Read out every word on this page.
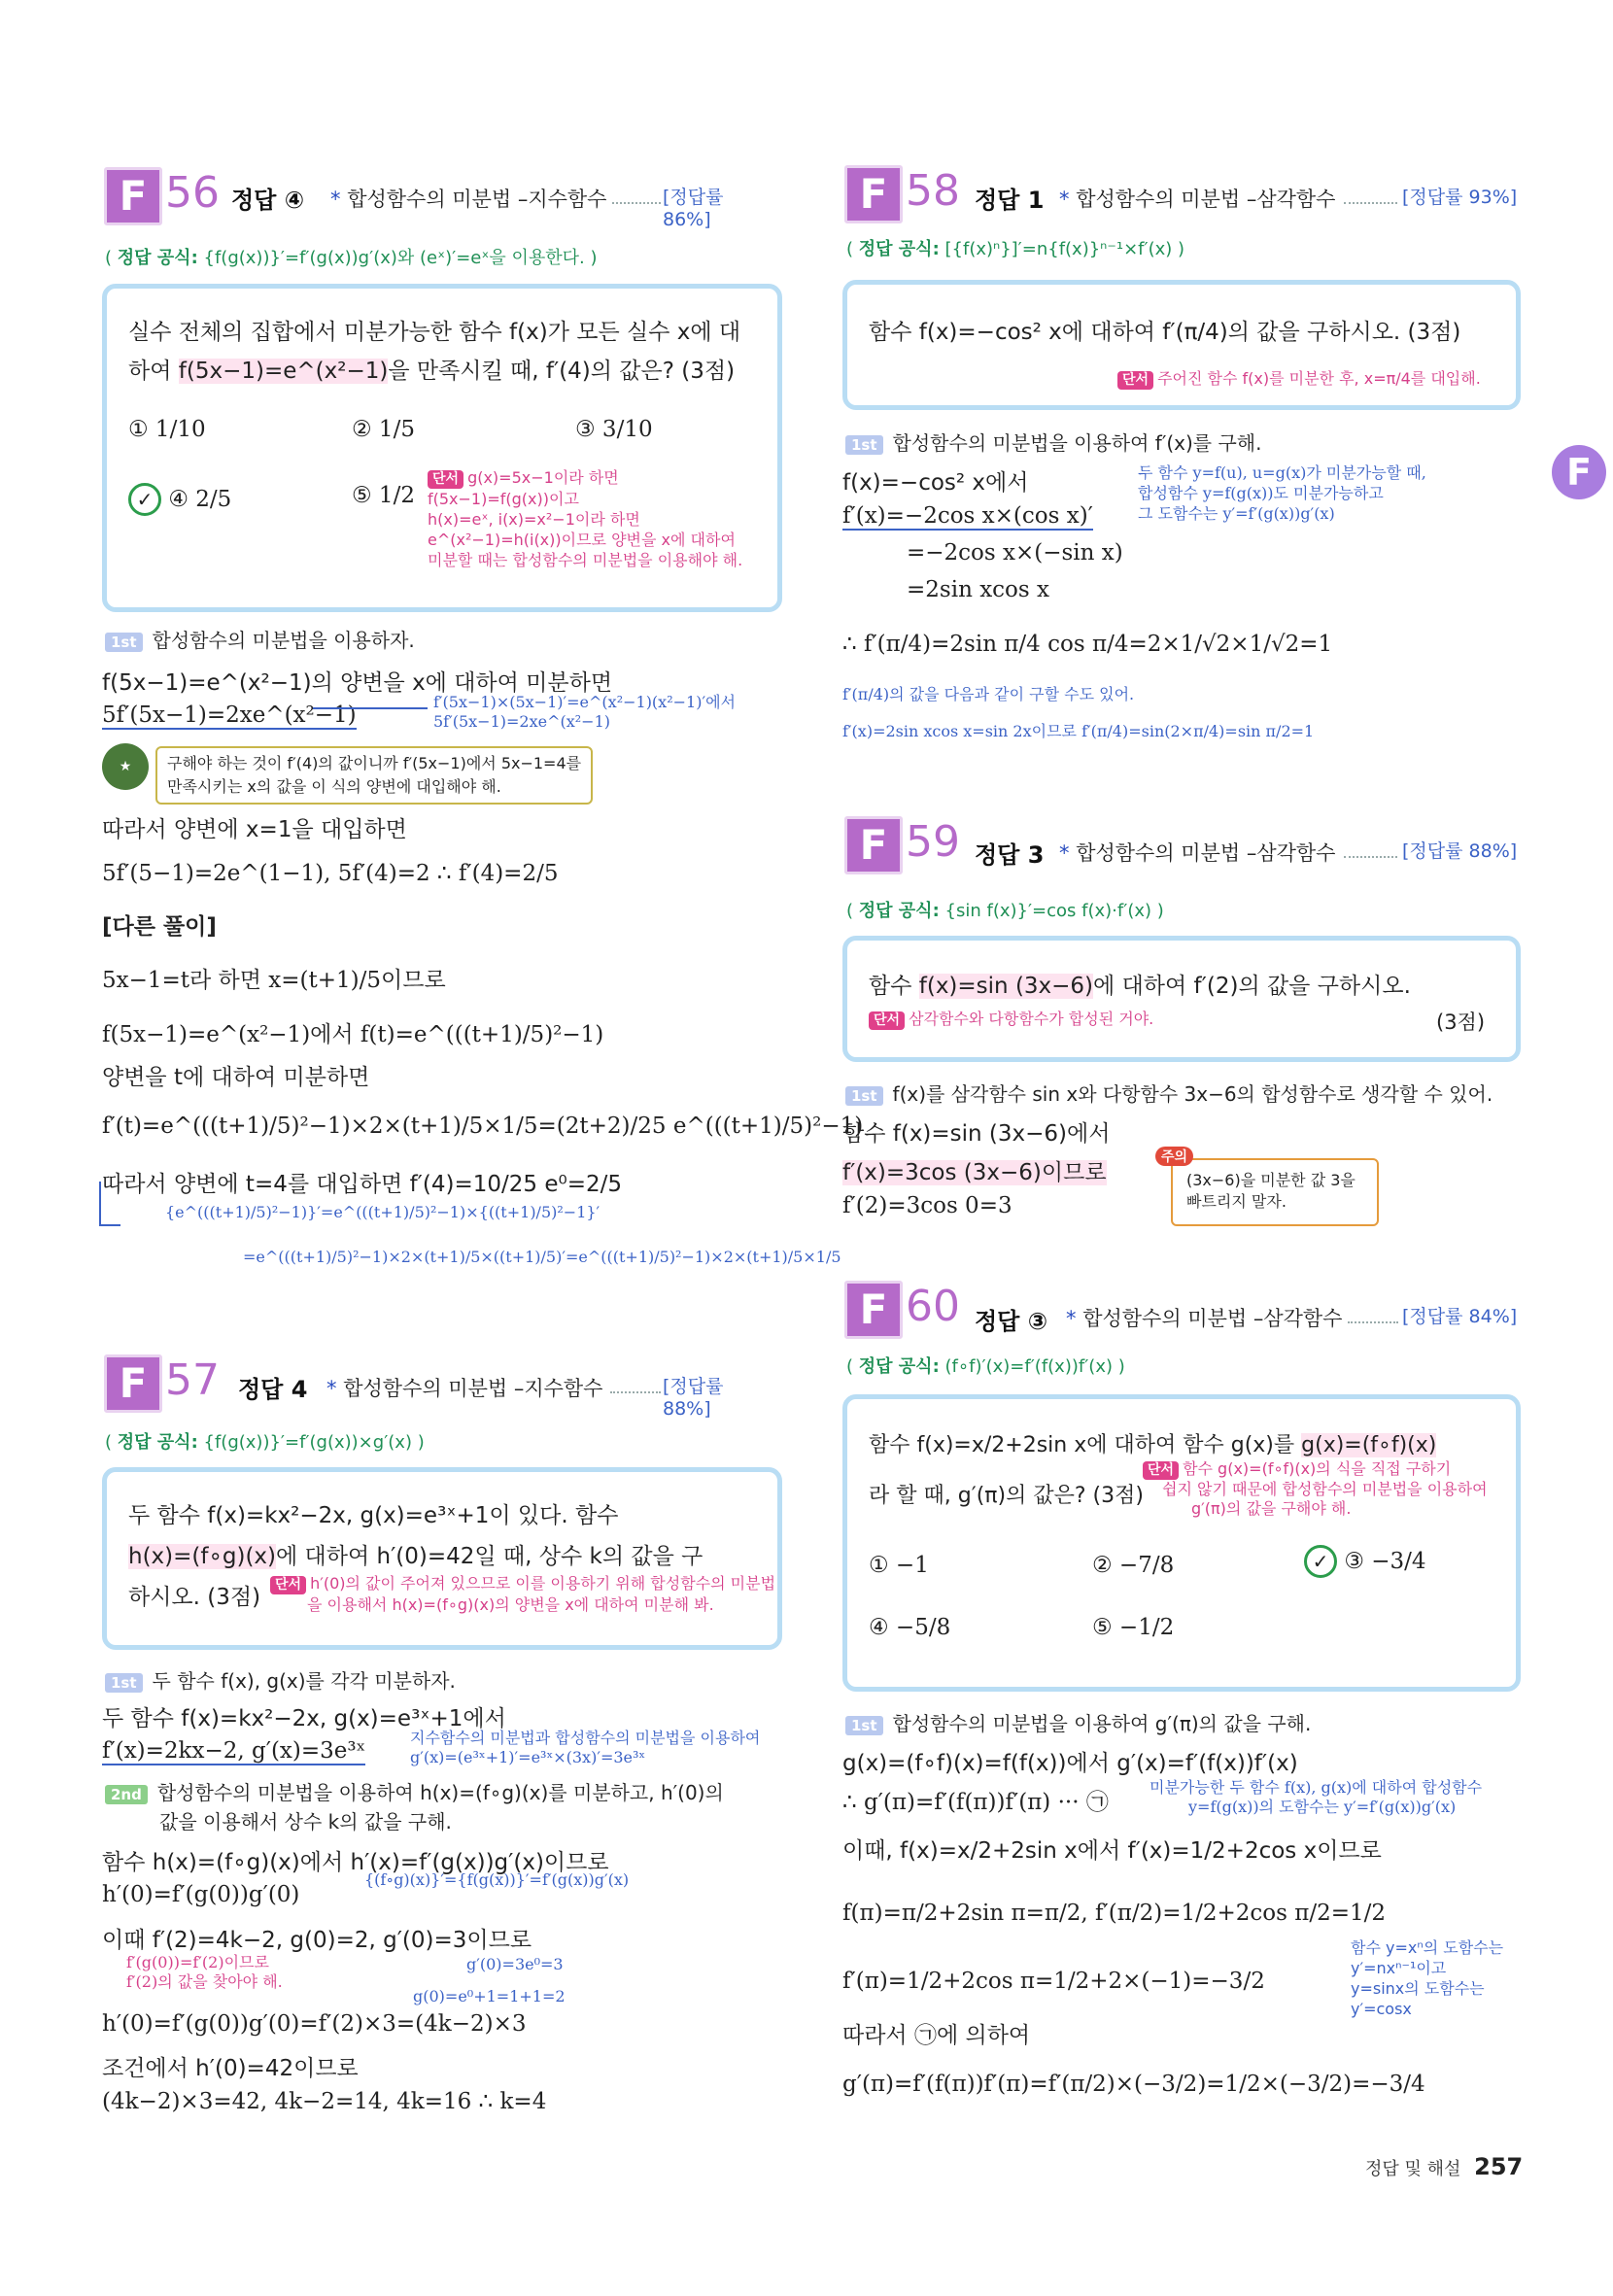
F 56 정답 ④ * 합성함수의 미분법 –지수함수	[정답률 86%]
( 정답 공식: {f(g(x))}′=f′(g(x))g′(x)와 (eˣ)′=eˣ을 이용한다. )
실수 전체의 집합에서 미분가능한 함수 f(x)가 모든 실수 x에 대
하여 f(5x−1)=e^(x²−1)을 만족시킬 때, f′(4)의 값은? (3점)
① 1/10	② 1/5	③ 3/10
✓ ④ 2/5	⑤ 1/2
단서 g(x)=5x−1이라 하면
f(5x−1)=f(g(x))이고
h(x)=eˣ, i(x)=x²−1이라 하면
e^(x²−1)=h(i(x))이므로 양변을 x에 대하여
미분할 때는 합성함수의 미분법을 이용해야 해.
1st 합성함수의 미분법을 이용하자.
f(5x−1)=e^(x²−1)의 양변을 x에 대하여 미분하면
5f′(5x−1)=2xe^(x²−1)
f′(5x−1)×(5x−1)′=e^(x²−1)(x²−1)′에서
5f′(5x−1)=2xe^(x²−1)
★	구해야 하는 것이 f′(4)의 값이니까 f′(5x−1)에서 5x−1=4를
만족시키는 x의 값을 이 식의 양변에 대입해야 해.
따라서 양변에 x=1을 대입하면
5f′(5−1)=2e^(1−1), 5f′(4)=2 ∴ f′(4)=2/5
[다른 풀이]
5x−1=t라 하면 x=(t+1)/5이므로
f(5x−1)=e^(x²−1)에서 f(t)=e^(((t+1)/5)²−1)
양변을 t에 대하여 미분하면
f′(t)=e^(((t+1)/5)²−1)×2×(t+1)/5×1/5=(2t+2)/25 e^(((t+1)/5)²−1)
따라서 양변에 t=4를 대입하면 f′(4)=10/25 e⁰=2/5
{e^(((t+1)/5)²−1)}′=e^(((t+1)/5)²−1)×{((t+1)/5)²−1}′
=e^(((t+1)/5)²−1)×2×(t+1)/5×((t+1)/5)′=e^(((t+1)/5)²−1)×2×(t+1)/5×1/5
F 57 정답 4 * 합성함수의 미분법 –지수함수	[정답률 88%]
( 정답 공식: {f(g(x))}′=f′(g(x))×g′(x) )
두 함수 f(x)=kx²−2x, g(x)=e³ˣ+1이 있다. 함수
h(x)=(f∘g)(x)에 대하여 h′(0)=42일 때, 상수 k의 값을 구
하시오. (3점)	단서 h′(0)의 값이 주어져 있으므로 이를 이용하기 위해 합성함수의 미분법
을 이용해서 h(x)=(f∘g)(x)의 양변을 x에 대하여 미분해 봐.
1st 두 함수 f(x), g(x)를 각각 미분하자.
두 함수 f(x)=kx²−2x, g(x)=e³ˣ+1에서
f′(x)=2kx−2, g′(x)=3e³ˣ
지수함수의 미분법과 합성함수의 미분법을 이용하여
g′(x)=(e³ˣ+1)′=e³ˣ×(3x)′=3e³ˣ
2nd 합성함수의 미분법을 이용하여 h(x)=(f∘g)(x)를 미분하고, h′(0)의
값을 이용해서 상수 k의 값을 구해.
함수 h(x)=(f∘g)(x)에서 h′(x)=f′(g(x))g′(x)이므로
{(f∘g)(x)}′={f(g(x))}′=f′(g(x))g′(x)
h′(0)=f′(g(0))g′(0)
이때 f′(2)=4k−2, g(0)=2, g′(0)=3이므로
f′(g(0))=f′(2)이므로
f′(2)의 값을 찾아야 해.
g′(0)=3e⁰=3
g(0)=e⁰+1=1+1=2
h′(0)=f′(g(0))g′(0)=f′(2)×3=(4k−2)×3
조건에서 h′(0)=42이므로
(4k−2)×3=42, 4k−2=14, 4k=16 ∴ k=4
F 58 정답 1 * 합성함수의 미분법 –삼각함수	[정답률 93%]
( 정답 공식: [{f(x)ⁿ}]′=n{f(x)}ⁿ⁻¹×f′(x) )
함수 f(x)=−cos² x에 대하여 f′(π/4)의 값을 구하시오. (3점)
단서 주어진 함수 f(x)를 미분한 후, x=π/4를 대입해.
1st 합성함수의 미분법을 이용하여 f′(x)를 구해.
f(x)=−cos² x에서
f′(x)=−2cos x×(cos x)′
=−2cos x×(−sin x)
=2sin xcos x
두 함수 y=f(u), u=g(x)가 미분가능할 때,
합성함수 y=f(g(x))도 미분가능하고
그 도함수는 y′=f′(g(x))g′(x)
∴ f′(π/4)=2sin π/4 cos π/4=2×1/√2×1/√2=1
f′(π/4)의 값을 다음과 같이 구할 수도 있어.
f′(x)=2sin xcos x=sin 2x이므로 f′(π/4)=sin(2×π/4)=sin π/2=1
F 59 정답 3 * 합성함수의 미분법 –삼각함수	[정답률 88%]
( 정답 공식: {sin f(x)}′=cos f(x)·f′(x) )
함수 f(x)=sin (3x−6)에 대하여 f′(2)의 값을 구하시오.
단서 삼각함수와 다항함수가 합성된 거야.	(3점)
1st f(x)를 삼각함수 sin x와 다항함수 3x−6의 합성함수로 생각할 수 있어.
함수 f(x)=sin (3x−6)에서
f′(x)=3cos (3x−6)이므로
f′(2)=3cos 0=3
(3x−6)을 미분한 값 3을
빠트리지 말자.
주의
F 60 정답 ③ * 합성함수의 미분법 –삼각함수	[정답률 84%]
( 정답 공식: (f∘f)′(x)=f′(f(x))f′(x) )
함수 f(x)=x/2+2sin x에 대하여 함수 g(x)를 g(x)=(f∘f)(x)
라 할 때, g′(π)의 값은? (3점)
단서 함수 g(x)=(f∘f)(x)의 식을 직접 구하기
쉽지 않기 때문에 합성함수의 미분법을 이용하여
g′(π)의 값을 구해야 해.
① −1	② −7/8	✓ ③ −3/4
④ −5/8	⑤ −1/2
1st 합성함수의 미분법을 이용하여 g′(π)의 값을 구해.
g(x)=(f∘f)(x)=f(f(x))에서 g′(x)=f′(f(x))f′(x)
∴ g′(π)=f′(f(π))f′(π) ··· ㉠
미분가능한 두 함수 f(x), g(x)에 대하여 합성함수
y=f(g(x))의 도함수는 y′=f′(g(x))g′(x)
이때, f(x)=x/2+2sin x에서 f′(x)=1/2+2cos x이므로
f(π)=π/2+2sin π=π/2, f′(π/2)=1/2+2cos π/2=1/2
f′(π)=1/2+2cos π=1/2+2×(−1)=−3/2
함수 y=xⁿ의 도함수는
y′=nxⁿ⁻¹이고
y=sinx의 도함수는
y′=cosx
따라서 ㉠에 의하여
g′(π)=f′(f(π))f′(π)=f′(π/2)×(−3/2)=1/2×(−3/2)=−3/4
F
정답 및 해설 257
